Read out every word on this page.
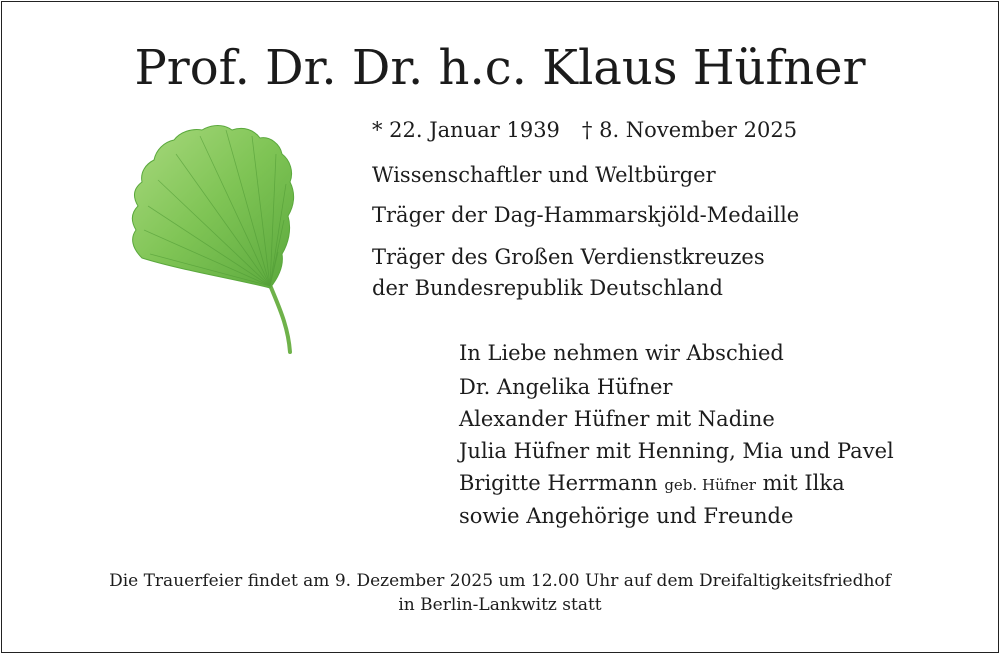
Prof. Dr. Dr. h.c. Klaus Hüfner
* 22. Januar 1939 † 8. November 2025
Wissenschaftler und Weltbürger
Träger der Dag-Hammarskjöld-Medaille
Träger des Großen Verdienstkreuzes
der Bundesrepublik Deutschland
In Liebe nehmen wir Abschied
Dr. Angelika Hüfner
Alexander Hüfner mit Nadine
Julia Hüfner mit Henning, Mia und Pavel
Brigitte Herrmann geb. Hüfner mit Ilka
sowie Angehörige und Freunde
Die Trauerfeier findet am 9. Dezember 2025 um 12.00 Uhr auf dem Dreifaltigkeitsfriedhof
in Berlin-Lankwitz statt
